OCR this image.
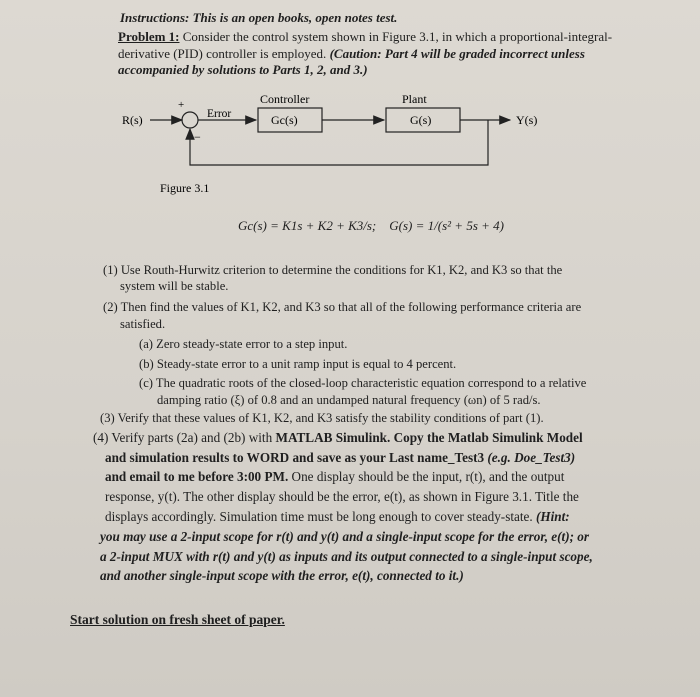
Instructions: This is an open books, open notes test.
Problem 1: Consider the control system shown in Figure 3.1, in which a proportional-integral-
derivative (PID) controller is employed. (Caution: Part 4 will be graded incorrect unless
accompanied by solutions to Parts 1, 2, and 3.)
R(s)
+
−
Error
Controller
Gc(s)
Plant
G(s)	Y(s)
Figure 3.1
Gc(s) = K1s + K2 + K3/s; G(s) = 1/(s² + 5s + 4)
(1) Use Routh-Hurwitz criterion to determine the conditions for K1, K2, and K3 so that the
system will be stable.
(2) Then find the values of K1, K2, and K3 so that all of the following performance criteria are
satisfied.
(a) Zero steady-state error to a step input.
(b) Steady-state error to a unit ramp input is equal to 4 percent.
(c) The quadratic roots of the closed-loop characteristic equation correspond to a relative
damping ratio (ξ) of 0.8 and an undamped natural frequency (ωn) of 5 rad/s.
(3) Verify that these values of K1, K2, and K3 satisfy the stability conditions of part (1).
(4) Verify parts (2a) and (2b) with MATLAB Simulink. Copy the Matlab Simulink Model
and simulation results to WORD and save as your Last name_Test3 (e.g. Doe_Test3)
and email to me before 3:00 PM. One display should be the input, r(t), and the output
response, y(t). The other display should be the error, e(t), as shown in Figure 3.1. Title the
displays accordingly. Simulation time must be long enough to cover steady-state. (Hint:
you may use a 2-input scope for r(t) and y(t) and a single-input scope for the error, e(t); or
a 2-input MUX with r(t) and y(t) as inputs and its output connected to a single-input scope,
and another single-input scope with the error, e(t), connected to it.)
Start solution on fresh sheet of paper.
